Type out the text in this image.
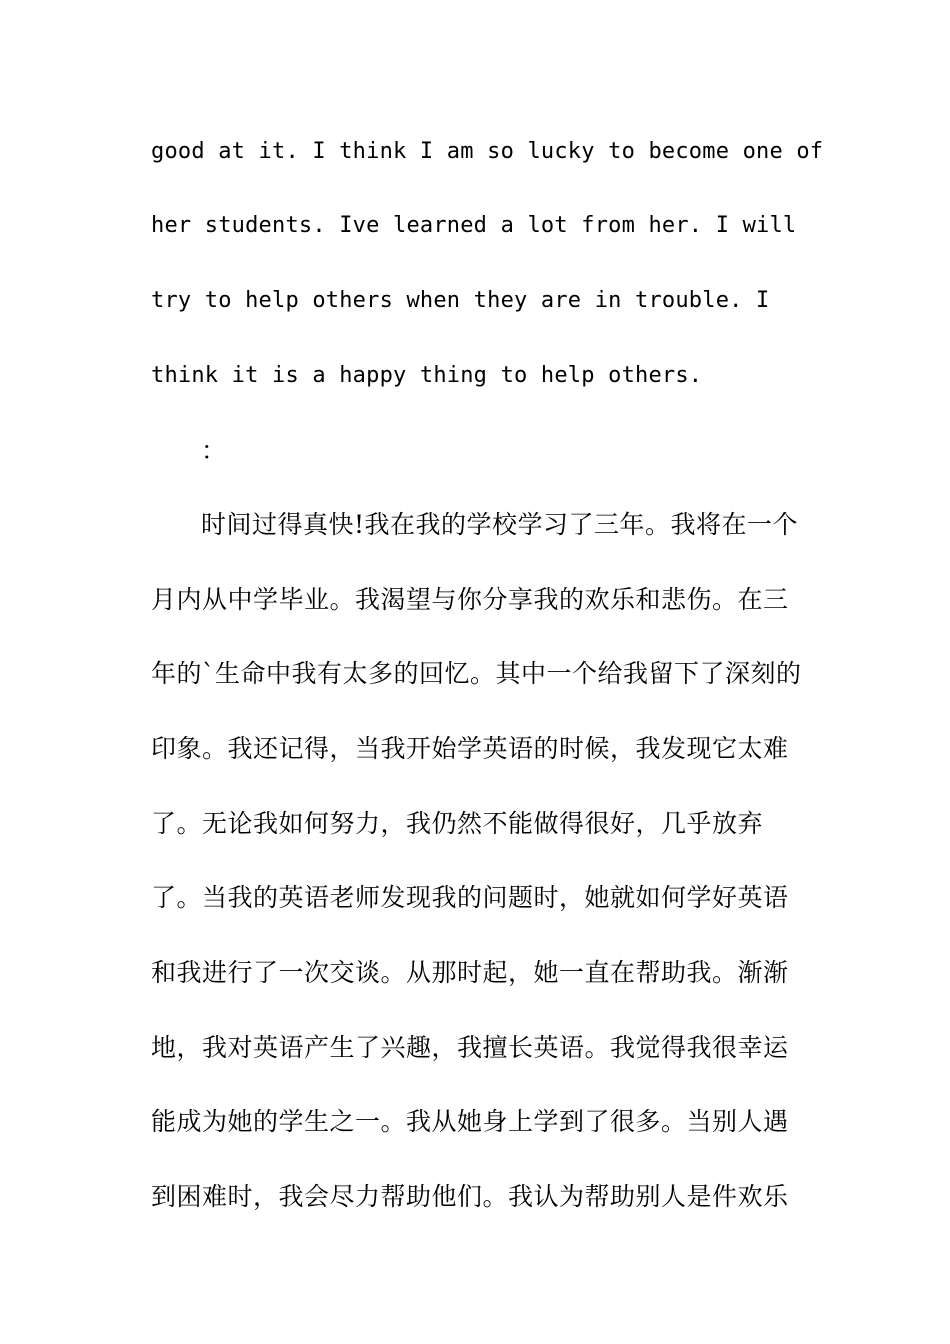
good at it. I think I am so lucky to become one of
her students. Ive learned a lot from her. I will
try to help others when they are in trouble. I
think it is a happy thing to help others.
：
时间过得真快!我在我的学校学习了三年。我将在一个
月内从中学毕业。我渴望与你分享我的欢乐和悲伤。在三
年的`生命中我有太多的回忆。其中一个给我留下了深刻的
印象。我还记得，当我开始学英语的时候，我发现它太难
了。无论我如何努力，我仍然不能做得很好，几乎放弃
了。当我的英语老师发现我的问题时，她就如何学好英语
和我进行了一次交谈。从那时起，她一直在帮助我。渐渐
地，我对英语产生了兴趣，我擅长英语。我觉得我很幸运
能成为她的学生之一。我从她身上学到了很多。当别人遇
到困难时，我会尽力帮助他们。我认为帮助别人是件欢乐
